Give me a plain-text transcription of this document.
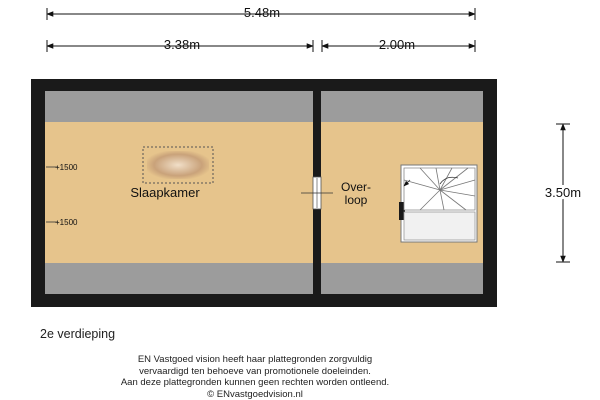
5.48m
3.38m	2.00m
3.50m
+1500
+1500
Slaapkamer	Over-
loop
2e verdieping
EN Vastgoed vision heeft haar plattegronden zorgvuldig
vervaardigd ten behoeve van promotionele doeleinden.
Aan deze plattegronden kunnen geen rechten worden ontleend.
© ENvastgoedvision.nl
